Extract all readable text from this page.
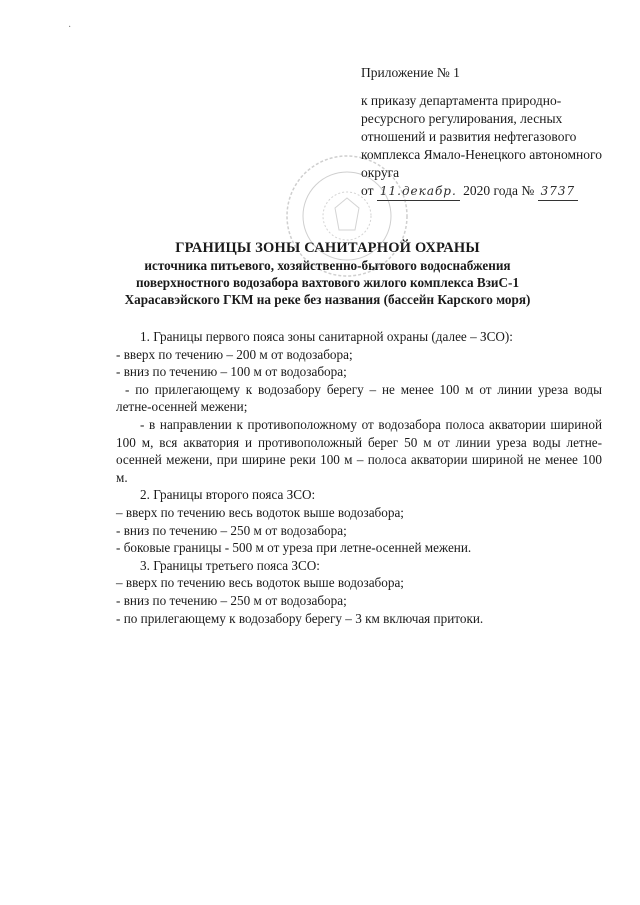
·
Приложение № 1
к приказу департамента природно-ресурсного регулирования, лесных отношений и развития нефтегазового комплекса Ямало-Ненецкого автономного округа
от 11.декабр. 2020 года № 3737
ГРАНИЦЫ ЗОНЫ САНИТАРНОЙ ОХРАНЫ
источника питьевого, хозяйственно-бытового водоснабжения поверхностного водозабора вахтового жилого комплекса ВзиС-1 Харасавэйского ГКМ на реке без названия (бассейн Карского моря)

1. Границы первого пояса зоны санитарной охраны (далее – ЗСО):

- вверх по течению – 200 м от водозабора;

- вниз по течению – 100 м от водозабора;

- по прилегающему к водозабору берегу – не менее 100 м от линии уреза воды летне-осенней межени;

- в направлении к противоположному от водозабора полоса акватории шириной 100 м, вся акватория и противоположный берег 50 м от линии уреза воды летне-осенней межени, при ширине реки 100 м – полоса акватории шириной не менее 100 м.

2. Границы второго пояса ЗСО:

– вверх по течению весь водоток выше водозабора;

- вниз по течению – 250 м от водозабора;

- боковые границы - 500 м от уреза при летне-осенней межени.

3. Границы третьего пояса ЗСО:

– вверх по течению весь водоток выше водозабора;

- вниз по течению – 250 м от водозабора;

- по прилегающему к водозабору берегу – 3 км включая притоки.
